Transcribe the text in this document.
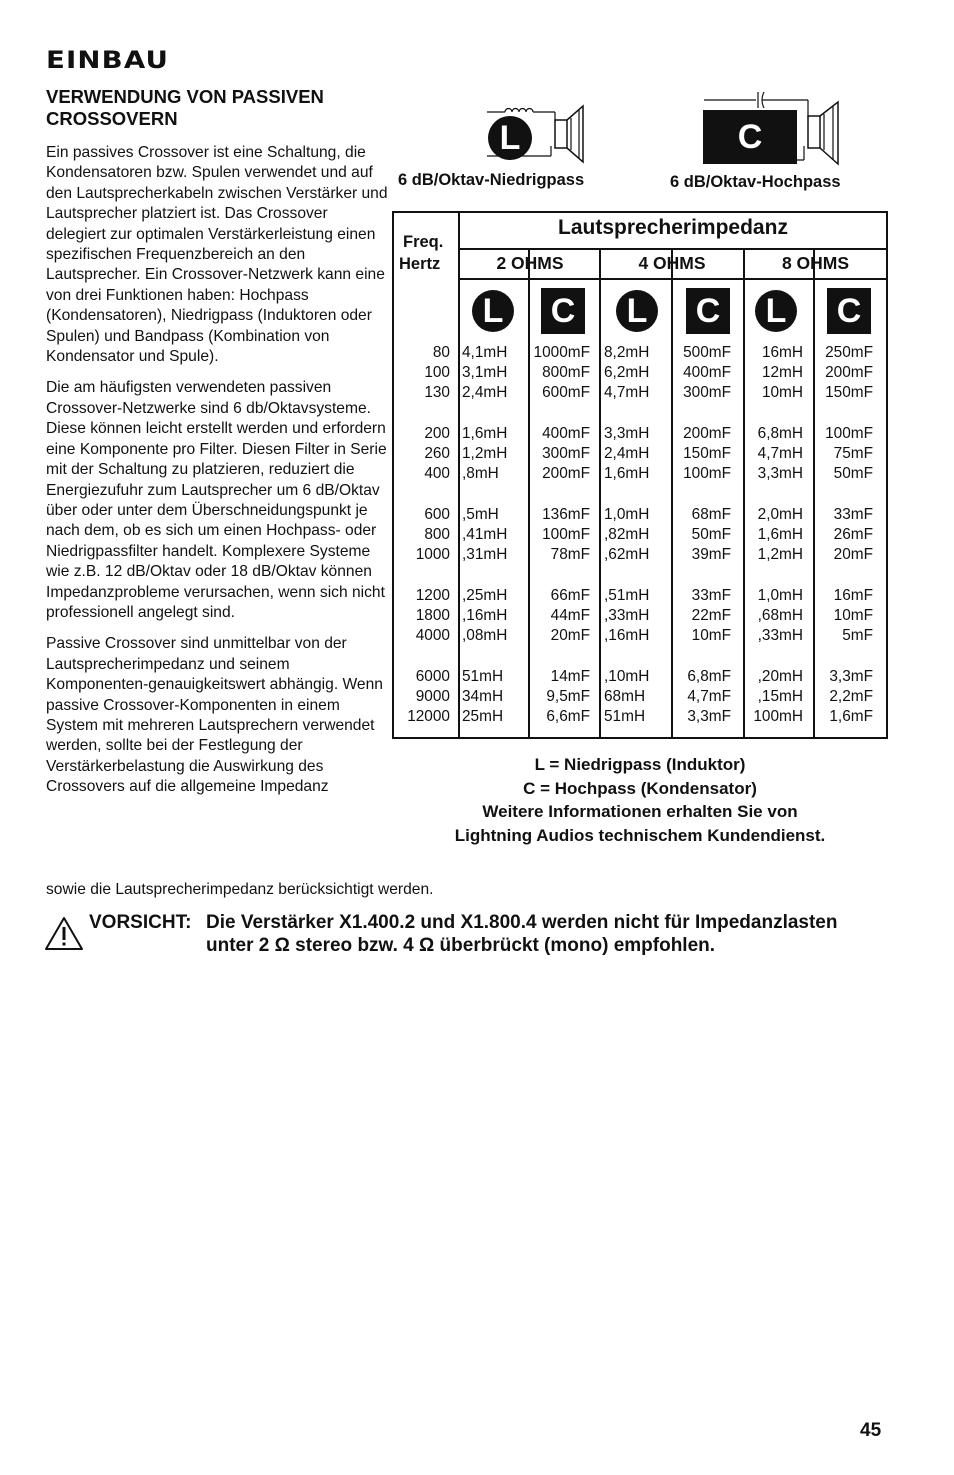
EINBAU
VERWENDUNG VON PASSIVEN CROSSOVERN

Ein passives Crossover ist eine Schaltung, die Kondensatoren bzw. Spulen verwendet und auf den Lautsprecherkabeln zwischen Verstärker und Lautsprecher platziert ist. Das Crossover delegiert zur optimalen Verstärkerleistung einen spezifischen Frequenzbereich an den Lautsprecher. Ein Crossover-Netzwerk kann eine von drei Funktionen haben: Hochpass (Kondensatoren), Niedrigpass (Induktoren oder Spulen) und Bandpass (Kombination von Kondensator und Spule).

Die am häufigsten verwendeten passiven Crossover-Netzwerke sind 6 db/Oktavsysteme. Diese können leicht erstellt werden und erfordern eine Komponente pro Filter. Diesen Filter in Serie mit der Schaltung zu platzieren, reduziert die Energiezufuhr zum Lautsprecher um 6 dB/Oktav über oder unter dem Überschneidungspunkt je nach dem, ob es sich um einen Hochpass- oder Niedrigpassfilter handelt. Komplexere Systeme wie z.B. 12 dB/Oktav oder 18 dB/Oktav können Impedanzprobleme verursachen, wenn sich nicht professionell angelegt sind.

Passive Crossover sind unmittelbar von der Lautsprecherimpedanz und seinem Komponenten-genauigkeitswert abhängig. Wenn passive Crossover-Komponenten in einem System mit mehreren Lautsprechern verwendet werden, sollte bei der Festlegung der Verstärkerbelastung die Auswirkung des Crossovers auf die allgemeine Impedanz

sowie die Lautsprecherimpedanz berücksichtigt werden.
L
6 dB/Oktav-Niedrigpass
C
6 dB/Oktav-Hochpass
Freq.
Hertz
Lautsprecherimpedanz
2 OHMS	4 OHMS	8 OHMS
L	C	L	C	L	C
80 4,1mH	1000mF 8,2mH	500mF	16mH	250mF
100 3,1mH	800mF 6,2mH	400mF	12mH	200mF
130 2,4mH	600mF 4,7mH	300mF	10mH	150mF
200 1,6mH	400mF 3,3mH	200mF	6,8mH	100mF
260 1,2mH	300mF 2,4mH	150mF	4,7mH	75mF
400 ,8mH	200mF 1,6mH	100mF	3,3mH	50mF
600 ,5mH	136mF 1,0mH	68mF	2,0mH	33mF
800 ,41mH	100mF ,82mH	50mF	1,6mH	26mF
1000 ,31mH	78mF ,62mH	39mF	1,2mH	20mF
1200 ,25mH	66mF ,51mH	33mF	1,0mH	16mF
1800 ,16mH	44mF ,33mH	22mF	,68mH	10mF
4000 ,08mH	20mF ,16mH	10mF	,33mH	5mF
6000 51mH	14mF ,10mH	6,8mF	,20mH	3,3mF
9000 34mH	9,5mF 68mH	4,7mF	,15mH	2,2mF
12000 25mH	6,6mF 51mH	3,3mF	100mH	1,6mF
L = Niedrigpass (Induktor)
C = Hochpass (Kondensator)
Weitere Informationen erhalten Sie von
Lightning Audios technischem Kundendienst.
VORSICHT: Die Verstärker X1.400.2 und X1.800.4 werden nicht für Impedanzlasten unter 2 Ω stereo bzw. 4 Ω überbrückt (mono) empfohlen.
45
